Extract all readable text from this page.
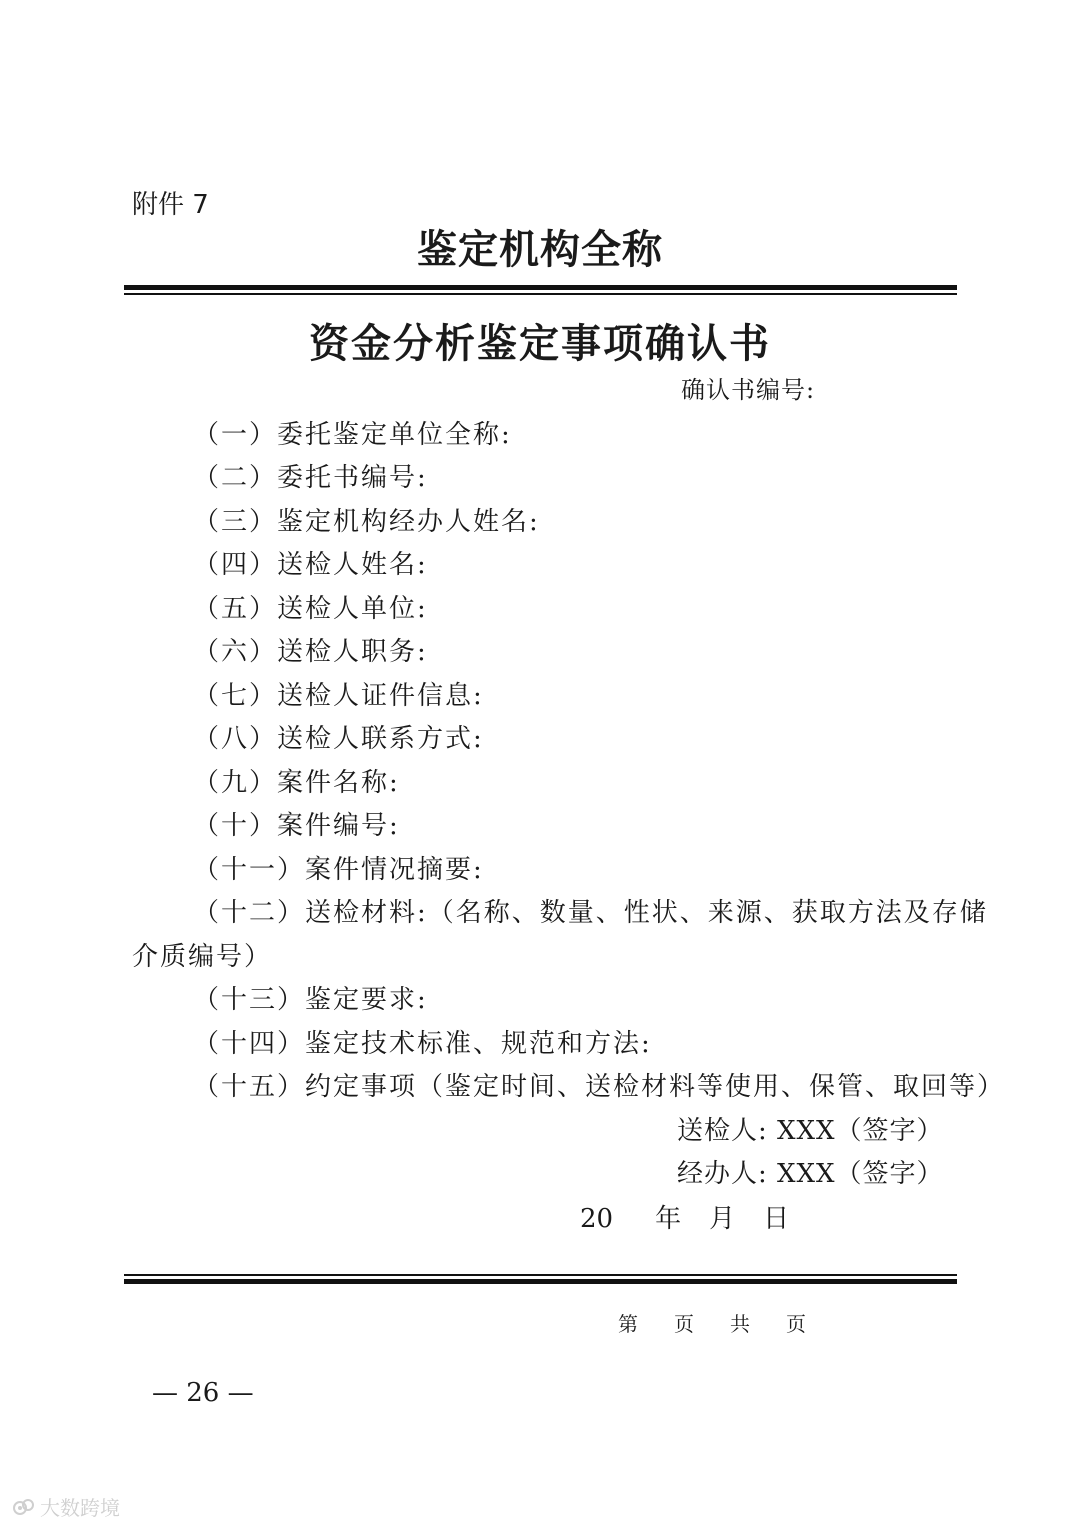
附件 7
鉴定机构全称
资金分析鉴定事项确认书
确认书编号:
（一）委托鉴定单位全称:
（二）委托书编号:
（三）鉴定机构经办人姓名:
（四）送检人姓名:
（五）送检人单位:
（六）送检人职务:
（七）送检人证件信息:
（八）送检人联系方式:
（九）案件名称:
（十）案件编号:
（十一）案件情况摘要:
（十二）送检材料:（名称、数量、性状、来源、获取方法及存储
介质编号）
（十三）鉴定要求:
（十四）鉴定技术标准、规范和方法:
（十五）约定事项（鉴定时间、送检材料等使用、保管、取回等）
送检人: XXX（签字）
经办人: XXX（签字）
20 年 月 日
第 页 共 页
— 26 —
大数跨境
